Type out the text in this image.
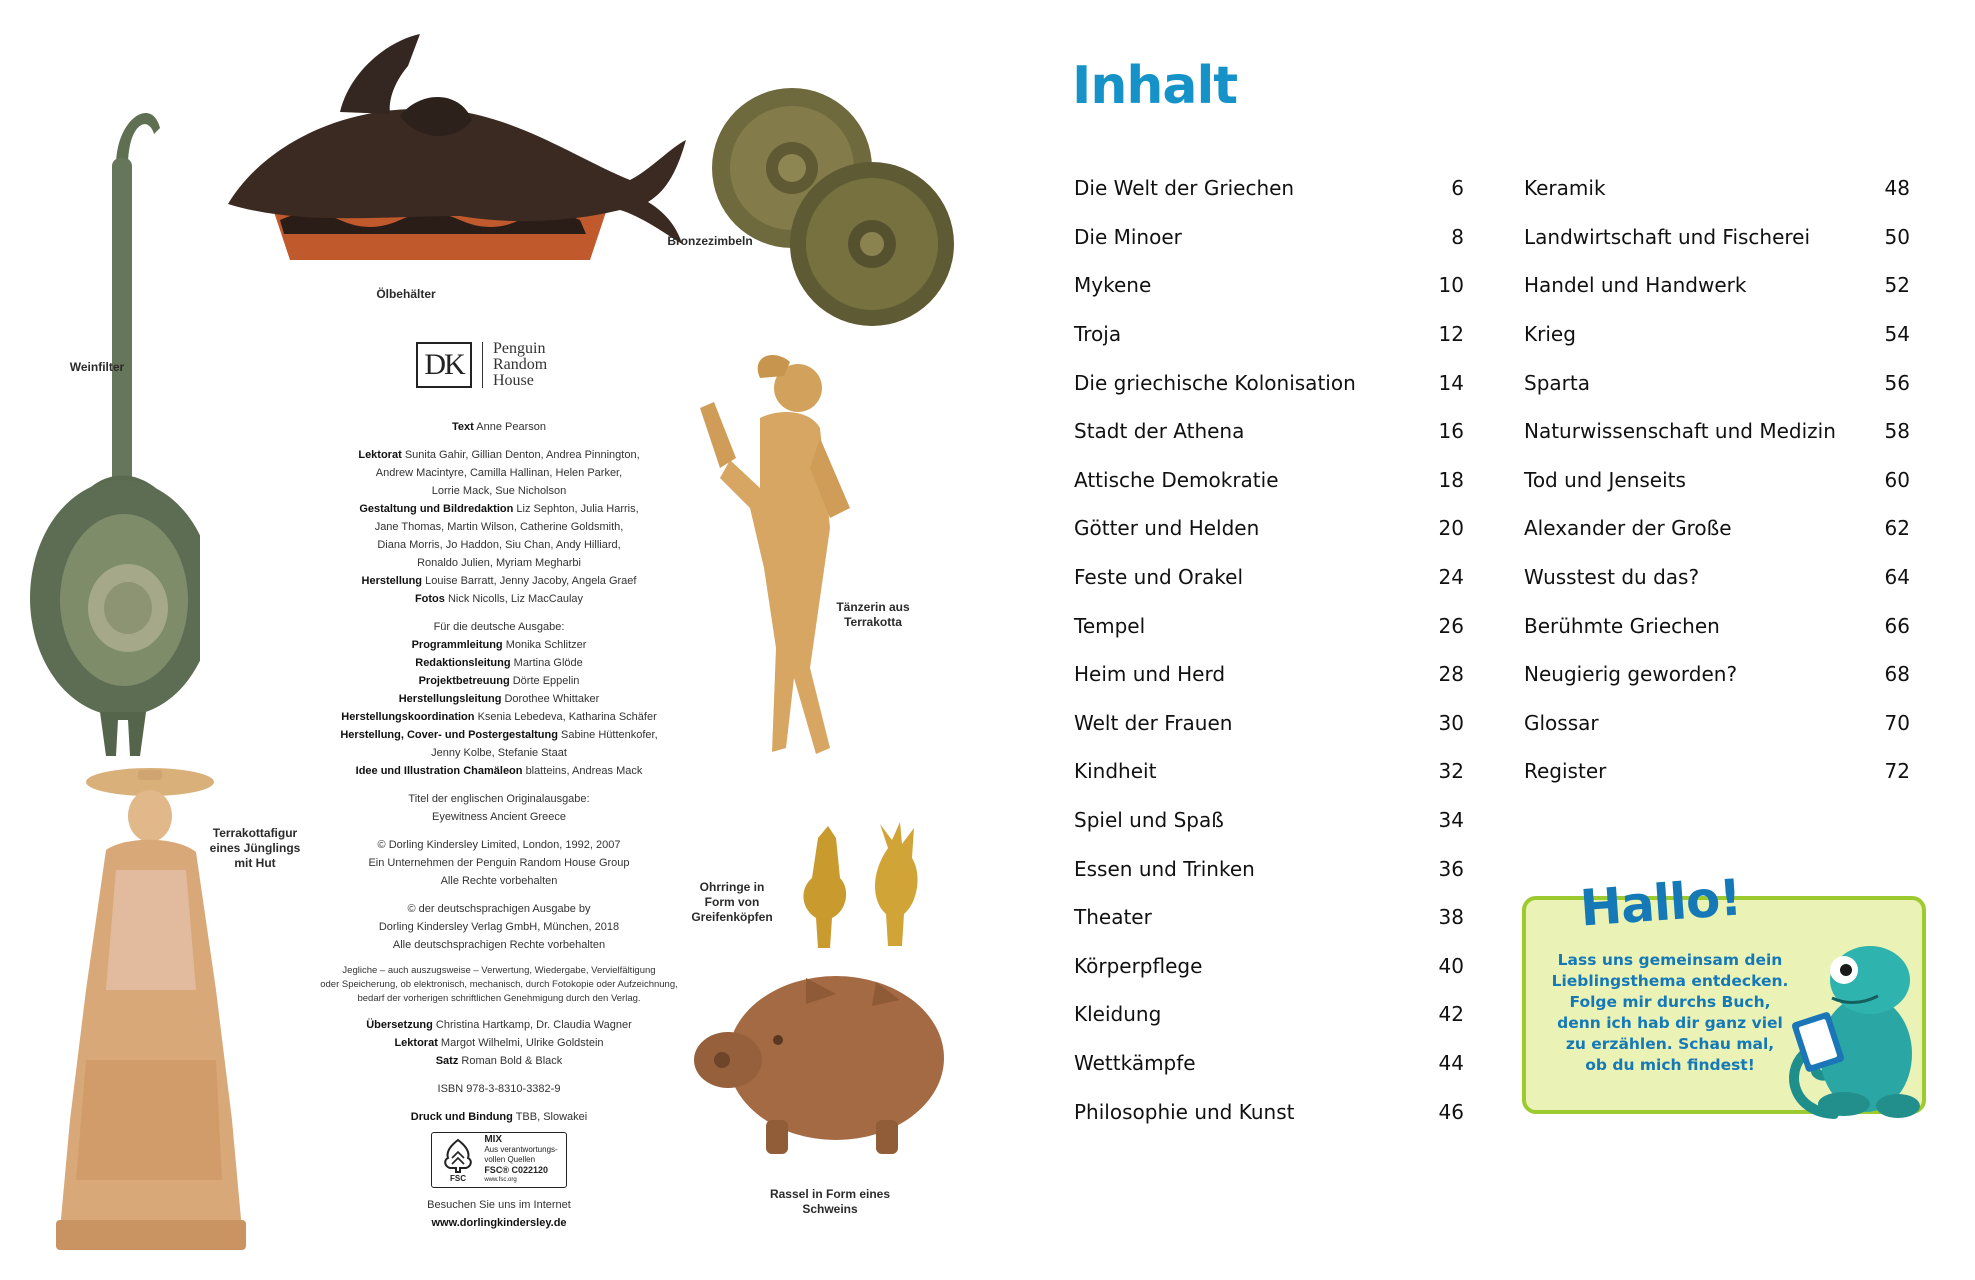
Weinfilter
Ölbehälter
Bronzezimbeln
DK	Penguin
Random
House
Text Anne Pearson
Lektorat Sunita Gahir, Gillian Denton, Andrea Pinnington,
Andrew Macintyre, Camilla Hallinan, Helen Parker,
Lorrie Mack, Sue Nicholson
Gestaltung und Bildredaktion Liz Sephton, Julia Harris,
Jane Thomas, Martin Wilson, Catherine Goldsmith,
Diana Morris, Jo Haddon, Siu Chan, Andy Hilliard,
Ronaldo Julien, Myriam Megharbi
Herstellung Louise Barratt, Jenny Jacoby, Angela Graef
Fotos Nick Nicolls, Liz MacCaulay
Für die deutsche Ausgabe:
Programmleitung Monika Schlitzer
Redaktionsleitung Martina Glöde
Projektbetreuung Dörte Eppelin
Herstellungsleitung Dorothee Whittaker
Herstellungskoordination Ksenia Lebedeva, Katharina Schäfer
Herstellung, Cover- und Postergestaltung Sabine Hüttenkofer,
Jenny Kolbe, Stefanie Staat
Idee und Illustration Chamäleon blatteins, Andreas Mack
Titel der englischen Originalausgabe:
Eyewitness Ancient Greece
© Dorling Kindersley Limited, London, 1992, 2007
Ein Unternehmen der Penguin Random House Group
Alle Rechte vorbehalten
© der deutschsprachigen Ausgabe by
Dorling Kindersley Verlag GmbH, München, 2018
Alle deutschsprachigen Rechte vorbehalten
Jegliche – auch auszugsweise – Verwertung, Wiedergabe, Vervielfältigung
oder Speicherung, ob elektronisch, mechanisch, durch Fotokopie oder Aufzeichnung,
bedarf der vorherigen schriftlichen Genehmigung durch den Verlag.
Übersetzung Christina Hartkamp, Dr. Claudia Wagner
Lektorat Margot Wilhelmi, Ulrike Goldstein
Satz Roman Bold & Black
ISBN 978-3-8310-3382-9
Druck und Bindung TBB, Slowakei
FSC
MIX
Aus verantwortungs-
vollen Quellen
FSC® C022120
www.fsc.org
Besuchen Sie uns im Internet
www.dorlingkindersley.de
Tänzerin aus
Terrakotta
Terrakottafigur
eines Jünglings
mit Hut
Ohrringe in
Form von
Greifenköpfen
Rassel in Form eines
Schweins
Inhalt
Die Welt der Griechen	6
Die Minoer	8
Mykene	10
Troja	12
Die griechische Kolonisation	14
Stadt der Athena	16
Attische Demokratie	18
Götter und Helden	20
Feste und Orakel	24
Tempel	26
Heim und Herd	28
Welt der Frauen	30
Kindheit	32
Spiel und Spaß	34
Essen und Trinken	36
Theater	38
Körperpflege	40
Kleidung	42
Wettkämpfe	44
Philosophie und Kunst	46
Keramik	48
Landwirtschaft und Fischerei	50
Handel und Handwerk	52
Krieg	54
Sparta	56
Naturwissenschaft und Medizin 58
Tod und Jenseits	60
Alexander der Große	62
Wusstest du das?	64
Berühmte Griechen	66
Neugierig geworden?	68
Glossar	70
Register	72
Hallo!
Lass uns gemeinsam dein
Lieblingsthema entdecken.
Folge mir durchs Buch,
denn ich hab dir ganz viel
zu erzählen. Schau mal,
ob du mich findest!
